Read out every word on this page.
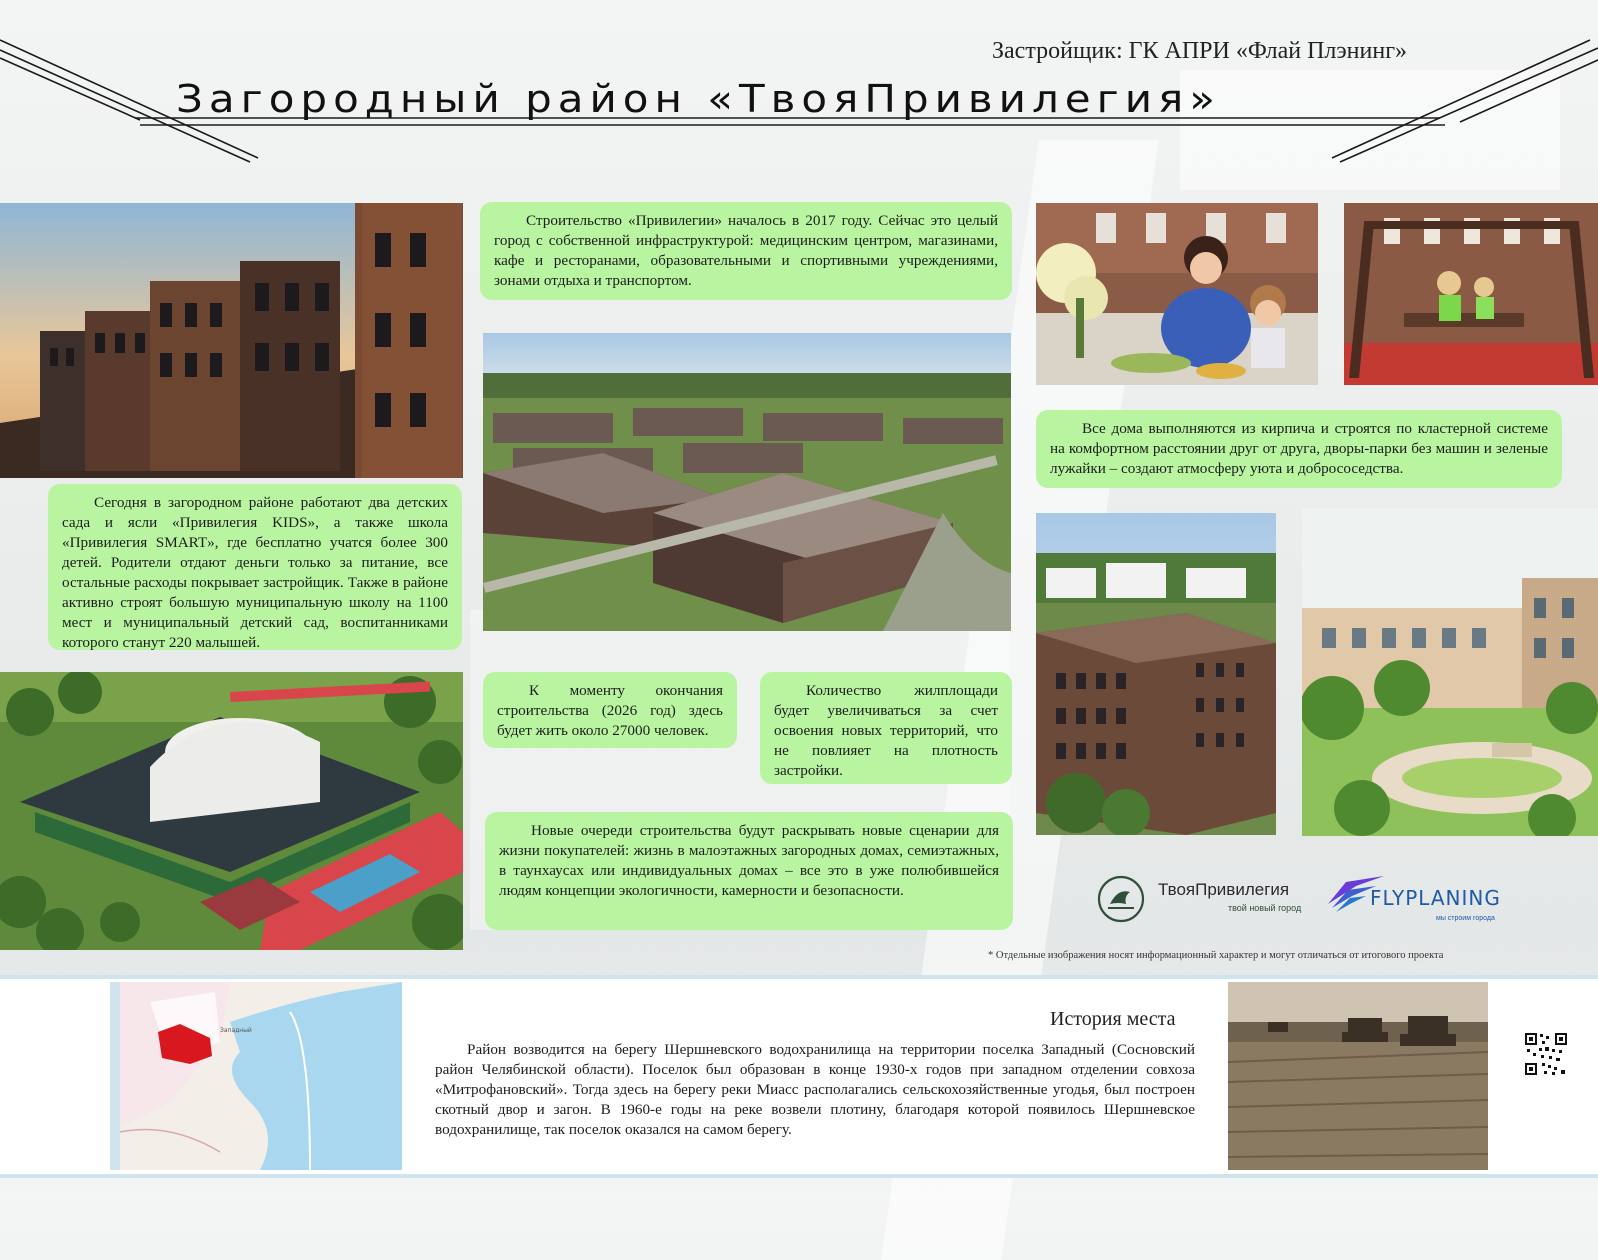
Застройщик: ГК АПРИ «Флай Плэнинг»
Загородный район «ТвояПривилегия»

Сегодня в загородном районе работают два детских сада и ясли «Привилегия KIDS», а также школа «Привилегия SMART», где бесплатно учатся более 300 детей. Родители отдают деньги только за питание, все остальные расходы покрывает застройщик. Также в районе активно строят большую муниципальную школу на 1100 мест и муниципальный детский сад, воспитанниками которого станут 220 малышей.

Строительство «Привилегии» началось в 2017 году. Сейчас это целый город с собственной инфраструктурой: медицинским центром, магазинами, кафе и ресторанами, образовательными и спортивными учреждениями, зонами отдыха и транспортом.

К моменту окончания строительства (2026 год) здесь будет жить около 27000 человек.

Количество жилплощади будет увеличиваться за счет освоения новых территорий, что не повлияет на плотность застройки.

Новые очереди строительства будут раскрывать новые сценарии для жизни покупателей: жизнь в малоэтажных загородных домах, семиэтажных, в таунхаусах или индивидуальных домах – все это в уже полюбившейся людям концепции экологичности, камерности и безопасности.

Все дома выполняются из кирпича и строятся по кластерной системе на комфортном расстоянии друг от друга, дворы-парки без машин и зеленые лужайки – создают атмосферу уюта и добрососедства.

ТвояПривилегия
твой новый город	FLYPLANING
мы строим города
* Отдельные изображения носят информационный характер и могут отличаться от итогового проекта
Западный
История места

Район возводится на берегу Шершневского водохранилища на территории поселка Западный (Сосновский район Челябинской области). Поселок был образован в конце 1930-х годов при западном отделении совхоза «Митрофановский». Тогда здесь на берегу реки Миасс располагались сельскохозяйственные угодья, был построен скотный двор и загон. В 1960-е годы на реке возвели плотину, благодаря которой появилось Шершневское водохранилище, так поселок оказался на самом берегу.
